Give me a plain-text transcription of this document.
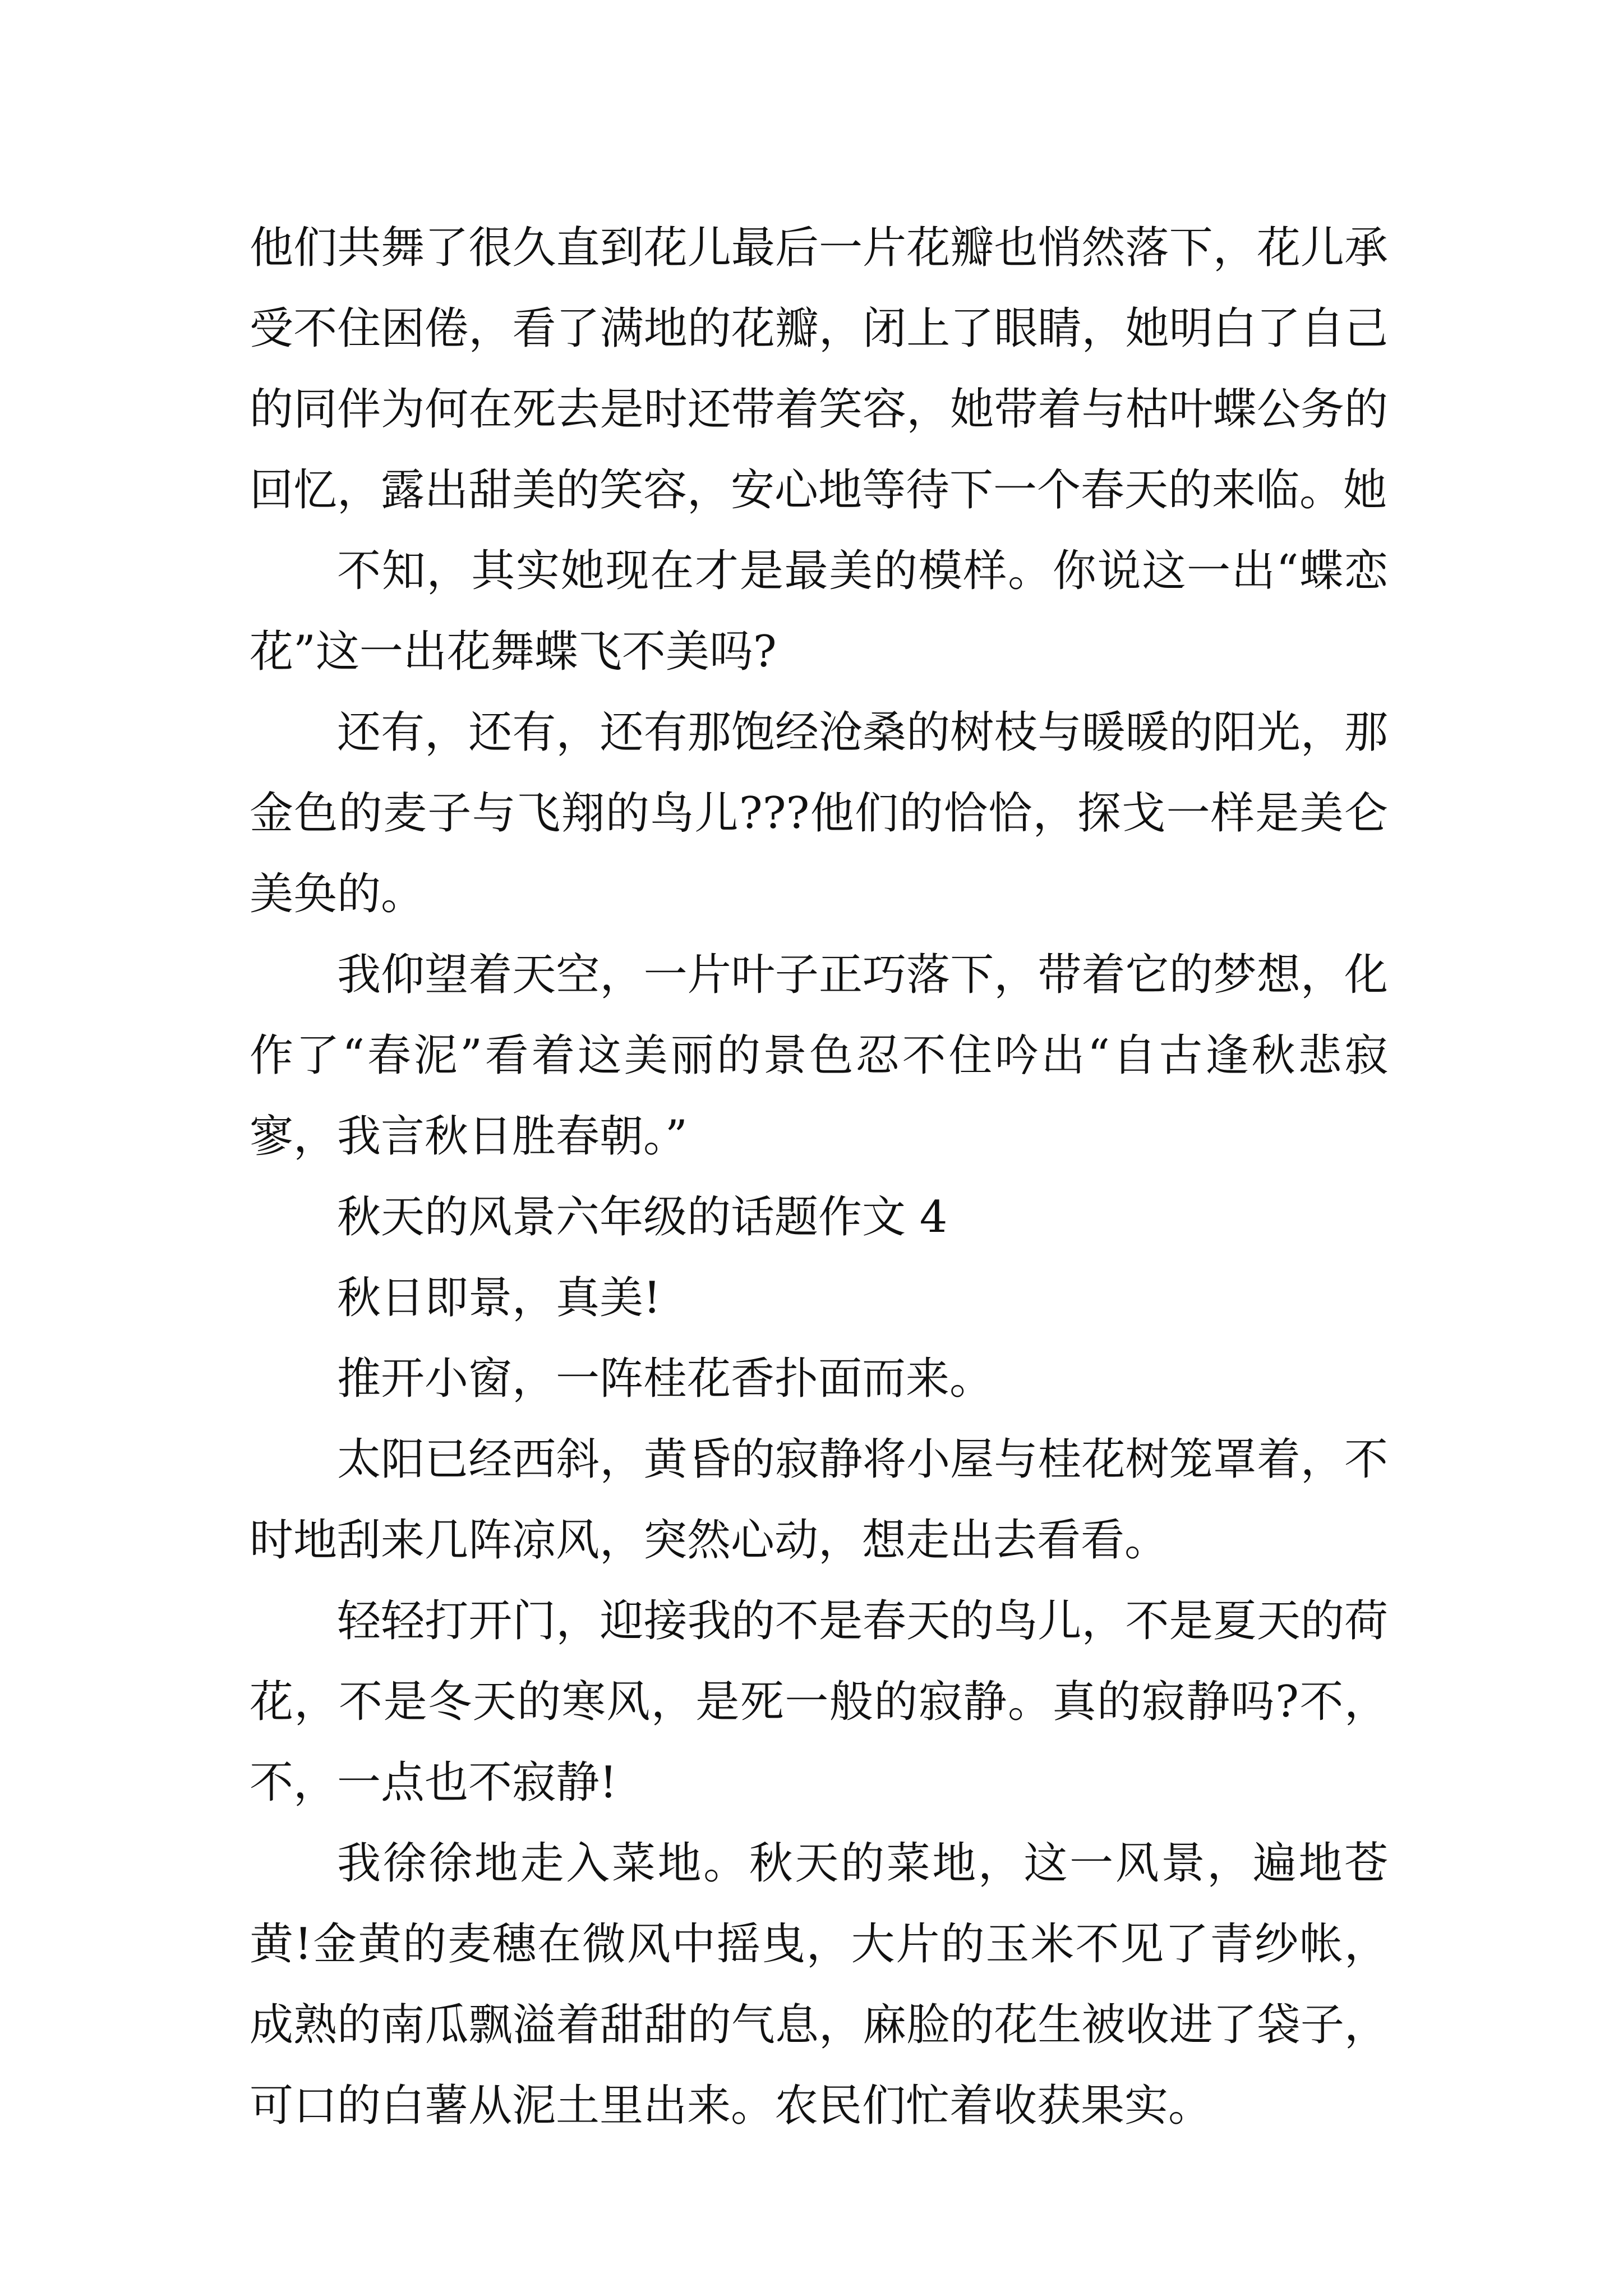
他们共舞了很久直到花儿最后一片花瓣也悄然落下，花儿承受不住困倦，看了满地的花瓣，闭上了眼睛，她明白了自己的同伴为何在死去是时还带着笑容，她带着与枯叶蝶公务的回忆，露出甜美的笑容，安心地等待下一个春天的来临。她

不知，其实她现在才是最美的模样。你说这一出“蝶恋花”这一出花舞蝶飞不美吗?

还有，还有，还有那饱经沧桑的树枝与暖暖的阳光，那金色的麦子与飞翔的鸟儿???他们的恰恰，探戈一样是美仑美奂的。

我仰望着天空，一片叶子正巧落下，带着它的梦想，化作了“春泥”看着这美丽的景色忍不住吟出“自古逢秋悲寂寥，我言秋日胜春朝。”

秋天的风景六年级的话题作文 4

秋日即景，真美!

推开小窗，一阵桂花香扑面而来。

太阳已经西斜，黄昏的寂静将小屋与桂花树笼罩着，不时地刮来几阵凉风，突然心动，想走出去看看。

轻轻打开门，迎接我的不是春天的鸟儿，不是夏天的荷花，不是冬天的寒风，是死一般的寂静。真的寂静吗?不，不，一点也不寂静!

我徐徐地走入菜地。秋天的菜地，这一风景，遍地苍黄!金黄的麦穗在微风中摇曳，大片的玉米不见了青纱帐，成熟的南瓜飘溢着甜甜的气息，麻脸的花生被收进了袋子，可口的白薯从泥土里出来。农民们忙着收获果实。
